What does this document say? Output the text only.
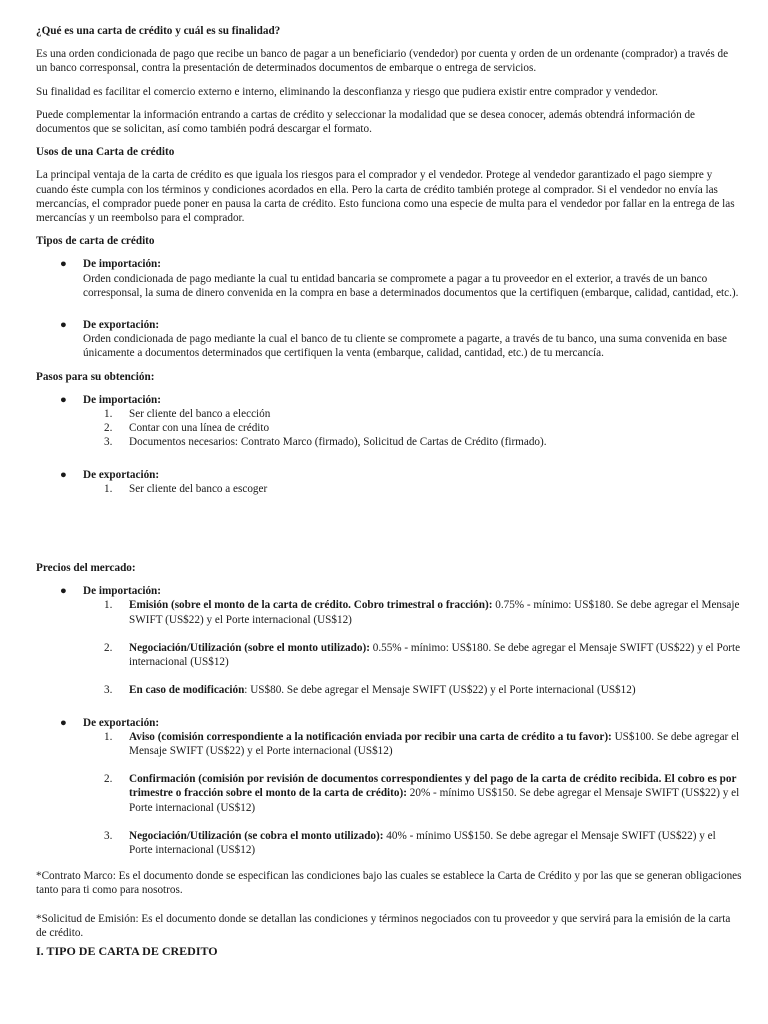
¿Qué es una carta de crédito y cuál es su finalidad?

Es una orden condicionada de pago que recibe un banco de pagar a un beneficiario (vendedor) por cuenta y orden de un ordenante (comprador) a través de un banco corresponsal, contra la presentación de determinados documentos de embarque o entrega de servicios.

Su finalidad es facilitar el comercio externo e interno, eliminando la desconfianza y riesgo que pudiera existir entre comprador y vendedor.

Puede complementar la información entrando a cartas de crédito y seleccionar la modalidad que se desea conocer, además obtendrá información de documentos que se solicitan, así como también podrá descargar el formato.

Usos de una Carta de crédito

La principal ventaja de la carta de crédito es que iguala los riesgos para el comprador y el vendedor. Protege al vendedor garantizado el pago siempre y cuando éste cumpla con los términos y condiciones acordados en ella. Pero la carta de crédito también protege al comprador. Si el vendedor no envía las mercancías, el comprador puede poner en pausa la carta de crédito. Esto funciona como una especie de multa para el vendedor por fallar en la entrega de las mercancías y un reembolso para el comprador.

Tipos de carta de crédito
● De importación:
Orden condicionada de pago mediante la cual tu entidad bancaria se compromete a pagar a tu proveedor en el exterior, a través de un banco corresponsal, la suma de dinero convenida en la compra en base a determinados documentos que la certifiquen (embarque, calidad, cantidad, etc.).
● De exportación:
Orden condicionada de pago mediante la cual el banco de tu cliente se compromete a pagarte, a través de tu banco, una suma convenida en base únicamente a documentos determinados que certifiquen la venta (embarque, calidad, cantidad, etc.) de tu mercancía.
Pasos para su obtención:
● De importación:
1. Ser cliente del banco a elección
2. Contar con una línea de crédito
3. Documentos necesarios: Contrato Marco (firmado), Solicitud de Cartas de Crédito (firmado).
● De exportación:
1. Ser cliente del banco a escoger
Precios del mercado:
● De importación:
1. Emisión (sobre el monto de la carta de crédito. Cobro trimestral o fracción): 0.75% - mínimo: US$180. Se debe agregar el Mensaje SWIFT (US$22) y el Porte internacional (US$12)
2. Negociación/Utilización (sobre el monto utilizado): 0.55% - mínimo: US$180. Se debe agregar el Mensaje SWIFT (US$22) y el Porte internacional (US$12)
3. En caso de modificación: US$80. Se debe agregar el Mensaje SWIFT (US$22) y el Porte internacional (US$12)
● De exportación:
1. Aviso (comisión correspondiente a la notificación enviada por recibir una carta de crédito a tu favor): US$100. Se debe agregar el Mensaje SWIFT (US$22) y el Porte internacional (US$12)
2. Confirmación (comisión por revisión de documentos correspondientes y del pago de la carta de crédito recibida. El cobro es por trimestre o fracción sobre el monto de la carta de crédito): 20% - mínimo US$150. Se debe agregar el Mensaje SWIFT (US$22) y el Porte internacional (US$12)
3. Negociación/Utilización (se cobra el monto utilizado): 40% - mínimo US$150. Se debe agregar el Mensaje SWIFT (US$22) y el Porte internacional (US$12)

*Contrato Marco: Es el documento donde se especifican las condiciones bajo las cuales se establece la Carta de Crédito y por las que se generan obligaciones tanto para ti como para nosotros.

*Solicitud de Emisión: Es el documento donde se detallan las condiciones y términos negociados con tu proveedor y que servirá para la emisión de la carta de crédito.

I. TIPO DE CARTA DE CREDITO
